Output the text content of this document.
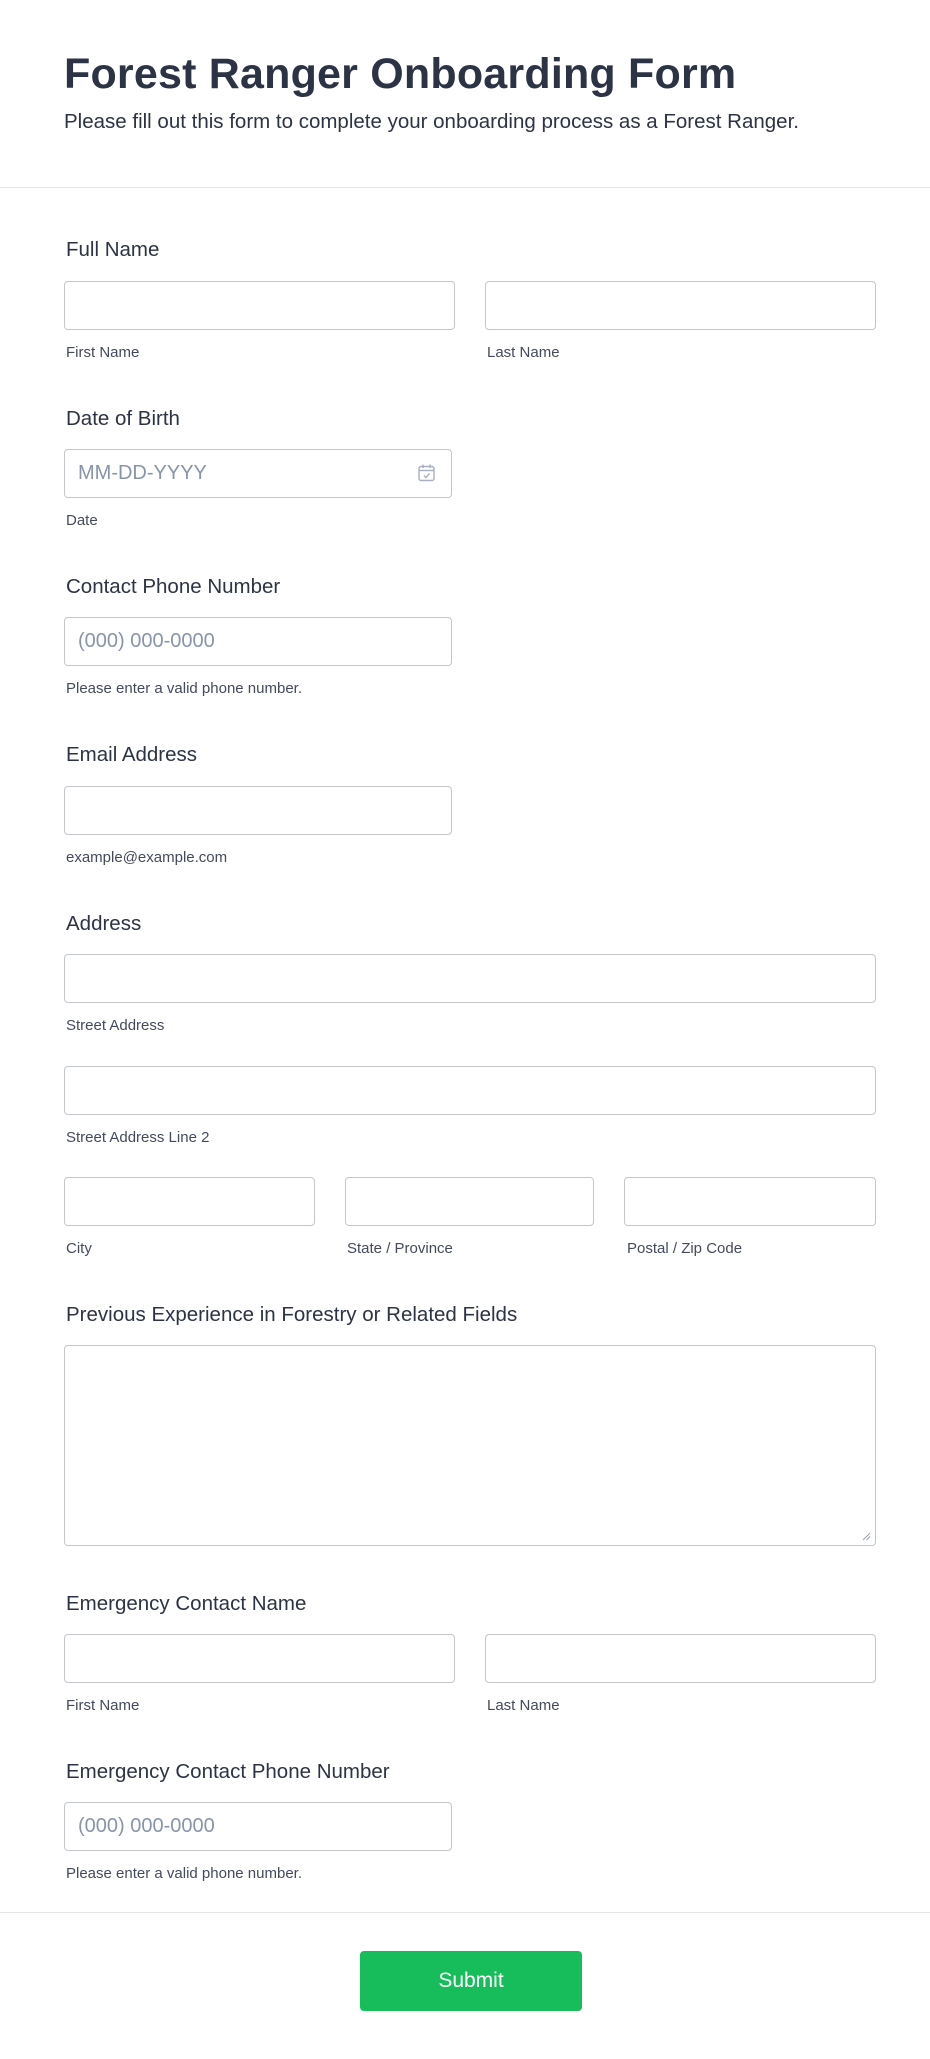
Forest Ranger Onboarding Form
Please fill out this form to complete your onboarding process as a Forest Ranger.
Full Name
First Name	Last Name
Date of Birth
MM-DD-YYYY
Date
Contact Phone Number
(000) 000-0000
Please enter a valid phone number.
Email Address
example@example.com
Address
Street Address
Street Address Line 2
City	State / Province	Postal / Zip Code
Previous Experience in Forestry or Related Fields
Emergency Contact Name
First Name	Last Name
Emergency Contact Phone Number
(000) 000-0000
Please enter a valid phone number.
Submit
